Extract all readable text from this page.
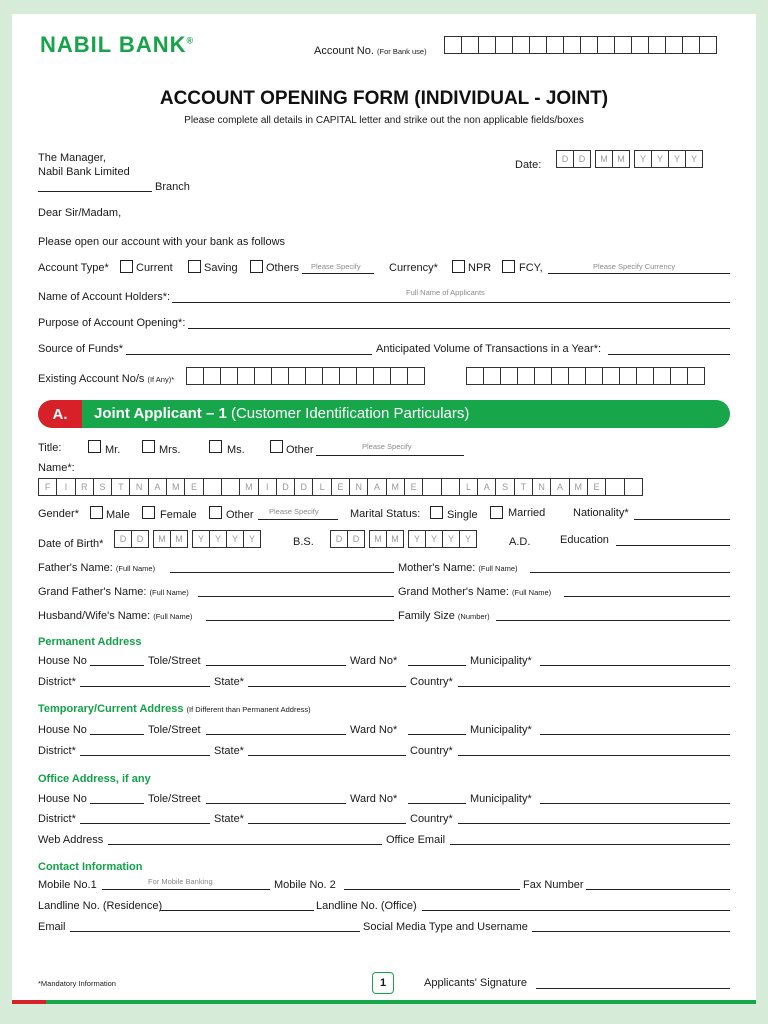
NABIL BANK®
Account No. (For Bank use)
ACCOUNT OPENING FORM (INDIVIDUAL - JOINT)
Please complete all details in CAPITAL letter and strike out the non applicable fields/boxes
The Manager,
Nabil Bank Limited
Branch
Date:	D	D	M	M	Y	Y	Y	Y
Dear Sir/Madam,
Please open our account with your bank as follows
Account Type* Current	Saving	Others Please Specify	Currency*	NPR	FCY,	Please Specify Currency
Name of Account Holders*:	Full Name of Applicants
Purpose of Account Opening*:
Source of Funds*	Anticipated Volume of Transactions in a Year*:
Existing Account No/s (If Any)*
A.	Joint Applicant – 1 (Customer Identification Particulars)
Title:	Mr.	Mrs.	Ms.	Other	Please Specify
Name*:
F	I	R	S	T	N	A	M	E	M	I	D	D	L	E	N	A	M	E	L	A	S	T	N	A	M	E
Gender* Male	Female	Other Please Specify	Marital Status: Single	Married	Nationality*
Date of Birth*	D	D	M	M	Y	Y	Y	Y	B.S.	D	D	M	M	Y	Y	Y	Y	A.D.	Education
Father's Name: (Full Name)	Mother's Name: (Full Name)
Grand Father's Name: (Full Name)	Grand Mother's Name: (Full Name)
Husband/Wife's Name: (Full Name)	Family Size (Number)
Permanent Address
House No	Tole/Street	Ward No*	Municipality*
District*	State*	Country*
Temporary/Current Address (If Different than Permanent Address)
House No	Tole/Street	Ward No*	Municipality*
District*	State*	Country*
Office Address, if any
House No	Tole/Street	Ward No*	Municipality*
District*	State*	Country*
Web Address	Office Email
Contact Information
Mobile No.1	For Mobile Banking	Mobile No. 2	Fax Number
Landline No. (Residence)	Landline No. (Office)
Email	Social Media Type and Username
*Mandatory Information	1	Applicants' Signature
